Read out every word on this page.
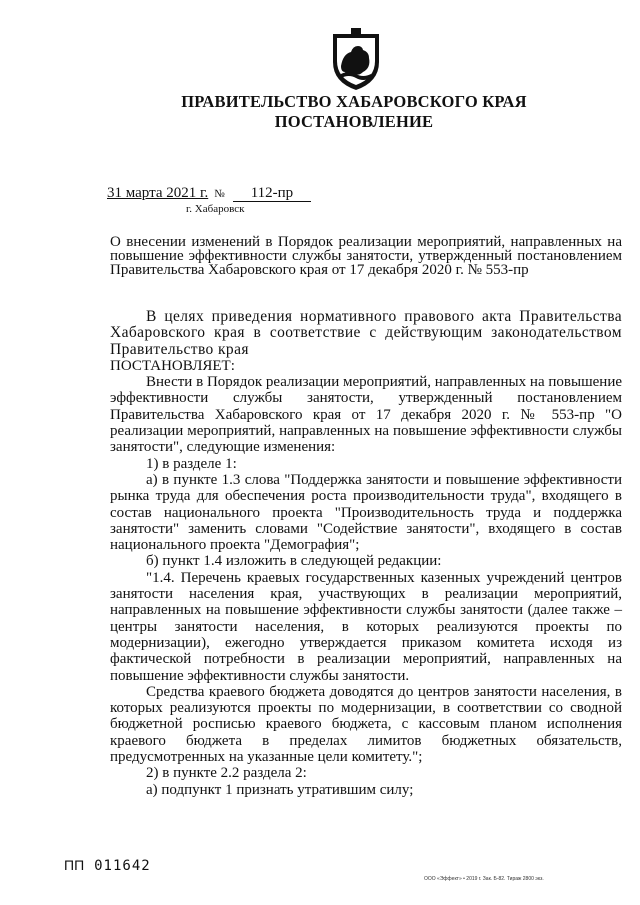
ПРАВИТЕЛЬСТВО ХАБАРОВСКОГО КРАЯ
ПОСТАНОВЛЕНИЕ
31 марта 2021 г. № 112-пр
г. Хабаровск
О внесении изменений в Порядок реализации мероприятий, направленных на повышение эффективности службы занятости, утвержденный постановлением Правительства Хабаровского края от 17 декабря 2020 г. № 553-пр

В целях приведения нормативного правового акта Правительства Хабаровского края в соответствие с действующим законодательством Правительство края

ПОСТАНОВЛЯЕТ:

Внести в Порядок реализации мероприятий, направленных на повышение эффективности службы занятости, утвержденный постановлением Правительства Хабаровского края от 17 декабря 2020 г. № 553-пр "О реализации мероприятий, направленных на повышение эффективности службы занятости", следующие изменения:

1) в разделе 1:

а) в пункте 1.3 слова "Поддержка занятости и повышение эффективности рынка труда для обеспечения роста производительности труда", входящего в состав национального проекта "Производительность труда и поддержка занятости" заменить словами "Содействие занятости", входящего в состав национального проекта "Демография";

б) пункт 1.4 изложить в следующей редакции:

"1.4. Перечень краевых государственных казенных учреждений центров занятости населения края, участвующих в реализации мероприятий, направленных на повышение эффективности службы занятости (далее также – центры занятости населения, в которых реализуются проекты по модернизации), ежегодно утверждается приказом комитета исходя из фактической потребности в реализации мероприятий, направленных на повышение эффективности службы занятости.

Средства краевого бюджета доводятся до центров занятости населения, в которых реализуются проекты по модернизации, в соответствии со сводной бюджетной росписью краевого бюджета, с кассовым планом исполнения краевого бюджета в пределах лимитов бюджетных обязательств, предусмотренных на указанные цели комитету.";

2) в пункте 2.2 раздела 2:

а) подпункт 1 признать утратившим силу;

ПП 011642
ООО «Эффект» • 2019 г. Зак. Б-82. Тираж 2800 экз.
